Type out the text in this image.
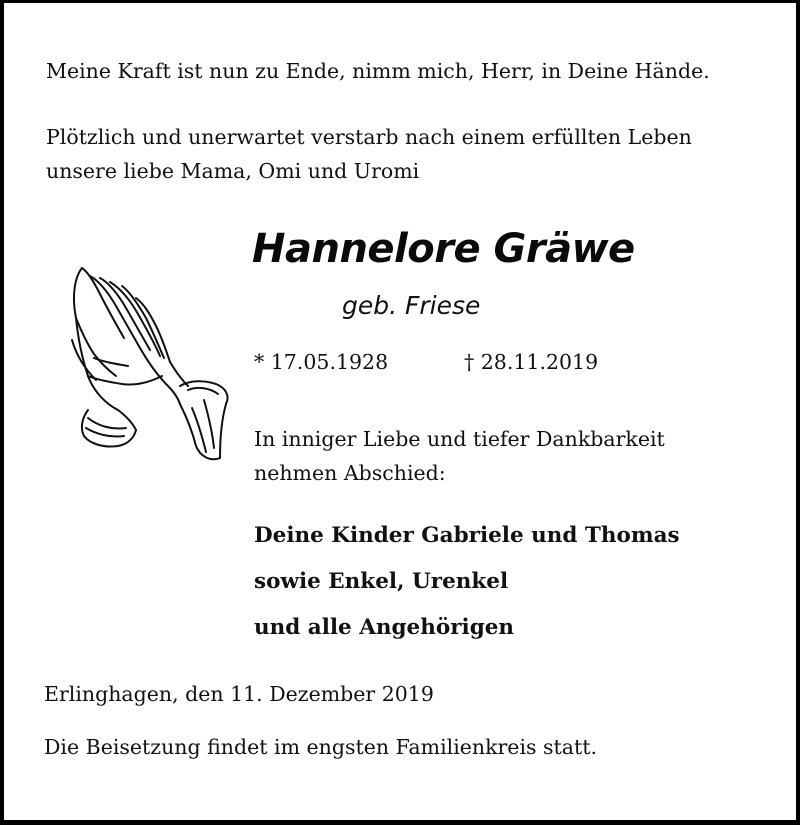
Meine Kraft ist nun zu Ende, nimm mich, Herr, in Deine Hände.

Plötzlich und unerwartet verstarb nach einem erfüllten Leben

unsere liebe Mama, Omi und Uromi

Hannelore Gräwe

geb. Friese

* 17.05.1928	† 28.11.2019

In inniger Liebe und tiefer Dankbarkeit

nehmen Abschied:

Deine Kinder Gabriele und Thomas

sowie Enkel, Urenkel

und alle Angehörigen

Erlinghagen, den 11. Dezember 2019

Die Beisetzung findet im engsten Familienkreis statt.
